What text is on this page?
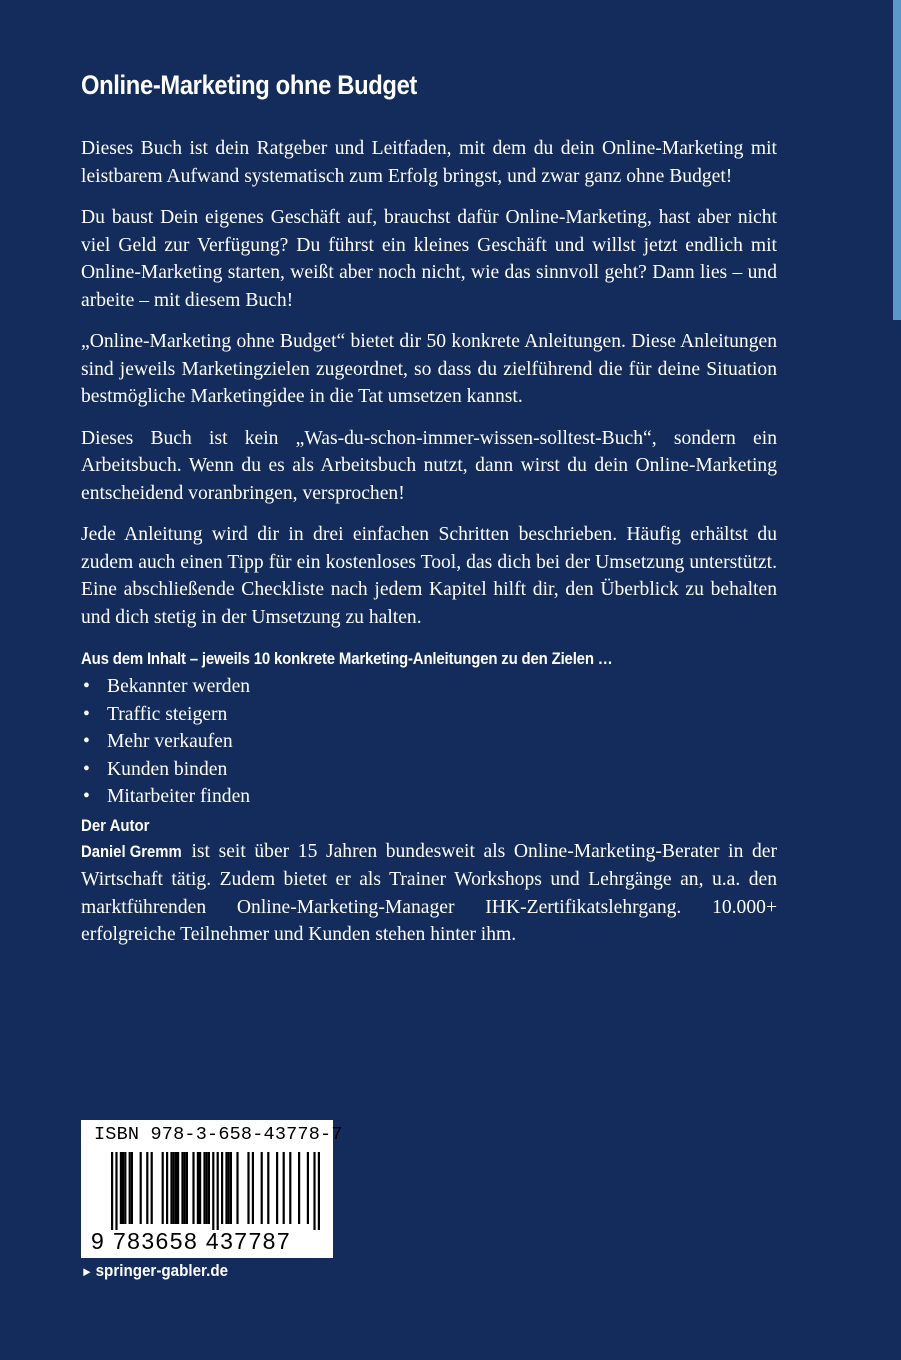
Online-Marketing ohne Budget

Dieses Buch ist dein Ratgeber und Leitfaden, mit dem du dein Online-Marketing mit leistbarem Aufwand systematisch zum Erfolg bringst, und zwar ganz ohne Budget!

Du baust Dein eigenes Geschäft auf, brauchst dafür Online-Marketing, hast aber nicht viel Geld zur Verfügung? Du führst ein kleines Geschäft und willst jetzt endlich mit Online-Marketing starten, weißt aber noch nicht, wie das sinnvoll geht? Dann lies – und arbeite – mit diesem Buch!

„Online-Marketing ohne Budget“ bietet dir 50 konkrete Anleitungen. Diese Anleitungen sind jeweils Marketingzielen zugeordnet, so dass du zielführend die für deine Situation bestmögliche Marketingidee in die Tat umsetzen kannst.

Dieses Buch ist kein „Was-du-schon-immer-wissen-solltest-Buch“, sondern ein Arbeitsbuch. Wenn du es als Arbeitsbuch nutzt, dann wirst du dein Online-Marketing entscheidend voranbringen, versprochen!

Jede Anleitung wird dir in drei einfachen Schritten beschrieben. Häufig erhältst du zudem auch einen Tipp für ein kostenloses Tool, das dich bei der Umsetzung unterstützt. Eine abschließende Checkliste nach jedem Kapitel hilft dir, den Überblick zu behalten und dich stetig in der Umsetzung zu halten.

Aus dem Inhalt – jeweils 10 konkrete Marketing-Anleitungen zu den Zielen …
• Bekannter werden
• Traffic steigern
• Mehr verkaufen
• Kunden binden
• Mitarbeiter finden
Der Autor

Daniel Gremm ist seit über 15 Jahren bundesweit als Online-Marketing-Berater in der Wirtschaft tätig. Zudem bietet er als Trainer Workshops und Lehrgänge an, u.a. den marktführenden Online-Marketing-Manager IHK-Zertifikatslehrgang. 10.000+ erfolgreiche Teilnehmer und Kunden stehen hinter ihm.

ISBN 978-3-658-43778-7
9 783658 437787
► springer-gabler.de
